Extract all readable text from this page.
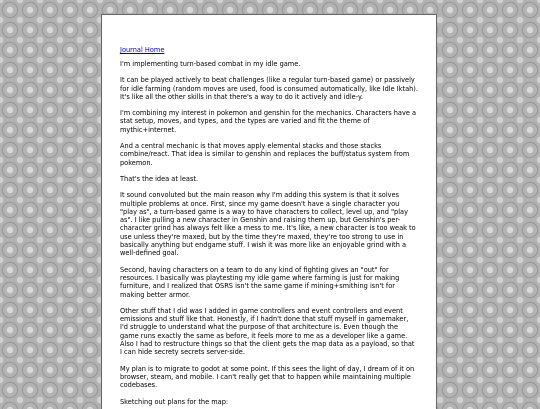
Journal Home

I'm implementing turn-based combat in my idle game.

It can be played actively to beat challenges (like a regular turn-based game) or passively for idle farming (random moves are used, food is consumed automatically, like Idle Iktah). It's like all the other skills in that there's a way to do it actively and idle-y.

I'm combining my interest in pokemon and genshin for the mechanics. Characters have a stat setup, moves, and types, and the types are varied and fit the theme of mythic+internet.

And a central mechanic is that moves apply elemental stacks and those stacks combine/react. That idea is similar to genshin and replaces the buff/status system from pokemon.

That's the idea at least.

It sound convoluted but the main reason why I'm adding this system is that it solves multiple problems at once. First, since my game doesn't have a single character you "play as", a turn-based game is a way to have characters to collect, level up, and "play as". I like pulling a new character in Genshin and raising them up, but Genshin's per-character grind has always felt like a mess to me. It's like, a new character is too weak to use unless they're maxed, but by the time they're maxed, they're too strong to use in basically anything but endgame stuff. I wish it was more like an enjoyable grind with a well-defined goal.

Second, having characters on a team to do any kind of fighting gives an "out" for resources. I basically was playtesting my idle game where farming is just for making furniture, and I realized that OSRS isn't the same game if mining+smithing isn't for making better armor.

Other stuff that I did was I added in game controllers and event controllers and event emissions and stuff like that. Honestly, if I hadn't done that stuff myself in gamemaker, I'd struggle to understand what the purpose of that architecture is. Even though the game runs exactly the same as before, it feels more to me as a developer like a game. Also I had to restructure things so that the client gets the map data as a payload, so that I can hide secrety secrets server-side.

My plan is to migrate to godot at some point. If this sees the light of day, I dream of it on browser, steam, and mobile. I can't really get that to happen while maintaining multiple codebases.

Sketching out plans for the map:
